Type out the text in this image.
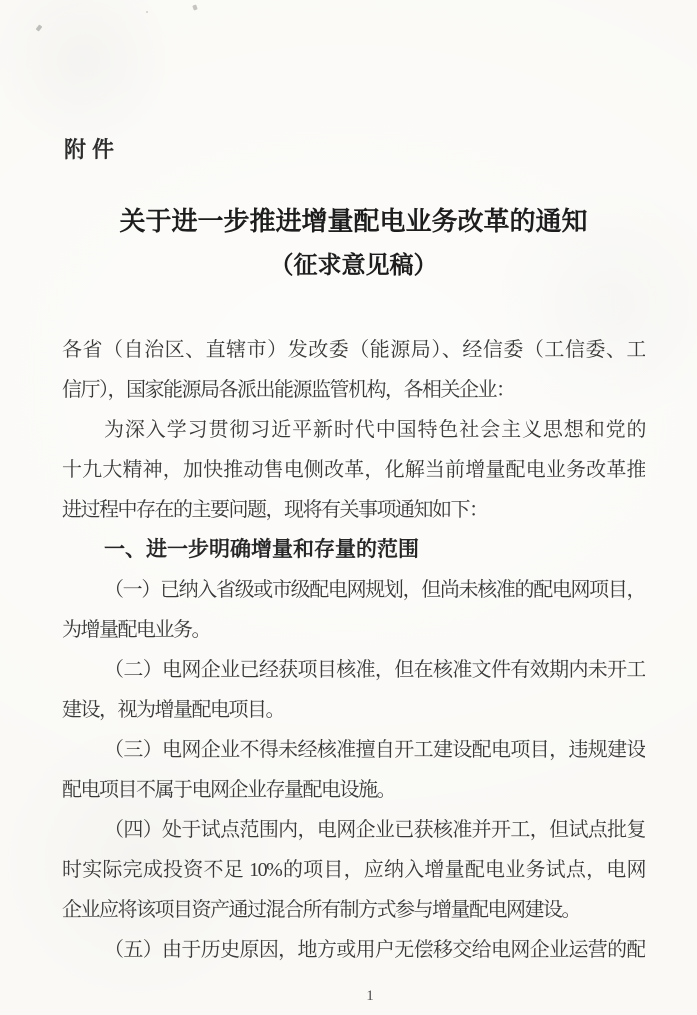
附件
关于进一步推进增量配电业务改革的通知
（征求意见稿）
各省（自治区、直辖市）发改委（能源局）、经信委（工信委、工
信厅），国家能源局各派出能源监管机构，各相关企业：
为深入学习贯彻习近平新时代中国特色社会主义思想和党的
十九大精神，加快推动售电侧改革，化解当前增量配电业务改革推
进过程中存在的主要问题，现将有关事项通知如下：
一、进一步明确增量和存量的范围
（一）已纳入省级或市级配电网规划，但尚未核准的配电网项目，
为增量配电业务。
（二）电网企业已经获项目核准，但在核准文件有效期内未开工
建设，视为增量配电项目。
（三）电网企业不得未经核准擅自开工建设配电项目，违规建设
配电项目不属于电网企业存量配电设施。
（四）处于试点范围内，电网企业已获核准并开工，但试点批复
时实际完成投资不足 10%的项目，应纳入增量配电业务试点，电网
企业应将该项目资产通过混合所有制方式参与增量配电网建设。
（五）由于历史原因，地方或用户无偿移交给电网企业运营的配
1
